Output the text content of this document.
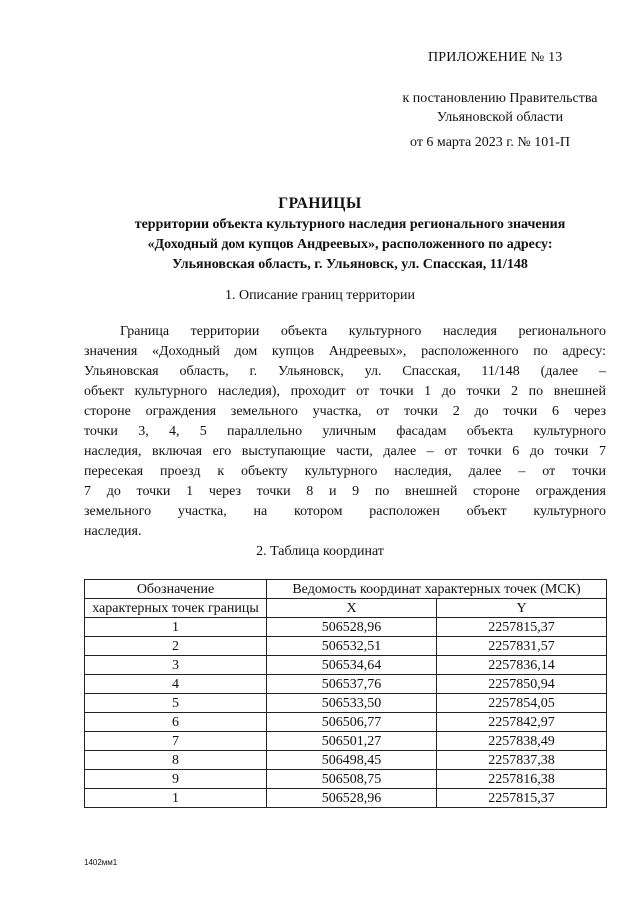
ПРИЛОЖЕНИЕ № 13
к постановлению Правительства
Ульяновской области
от 6 марта 2023 г. № 101-П
ГРАНИЦЫ
территории объекта культурного наследия регионального значения
«Доходный дом купцов Андреевых», расположенного по адресу:
Ульяновская область, г. Ульяновск, ул. Спасская, 11/148
1. Описание границ территории
Граница территории объекта культурного наследия регионального
значения «Доходный дом купцов Андреевых», расположенного по адресу:
Ульяновская область, г. Ульяновск, ул. Спасская, 11/148 (далее –
объект культурного наследия), проходит от точки 1 до точки 2 по внешней
стороне ограждения земельного участка, от точки 2 до точки 6 через
точки 3, 4, 5 параллельно уличным фасадам объекта культурного
наследия, включая его выступающие части, далее – от точки 6 до точки 7
пересекая проезд к объекту культурного наследия, далее – от точки
7 до точки 1 через точки 8 и 9 по внешней стороне ограждения
земельного участка, на котором расположен объект культурного
наследия.
2. Таблица координат
Обозначение	Ведомость координат характерных точек (МСК)	
характерных точек границы	X	Y
1	506528,96	2257815,37
2	506532,51	2257831,57
3	506534,64	2257836,14
4	506537,76	2257850,94
5	506533,50	2257854,05
6	506506,77	2257842,97
7	506501,27	2257838,49
8	506498,45	2257837,38
9	506508,75	2257816,38
1	506528,96	2257815,37
1402мм1
